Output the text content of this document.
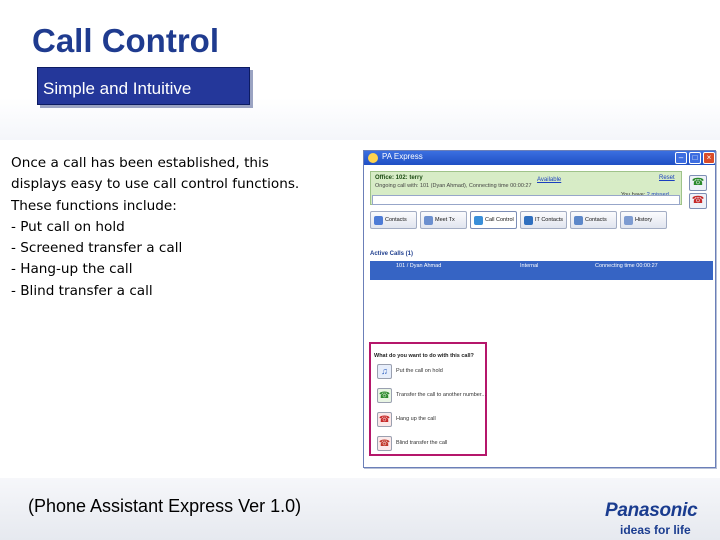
Call Control
Simple and Intuitive
Once a call has been established, this
displays easy to use call control functions.
These functions include:
- Put call on hold
- Screened transfer a call
- Hang-up the call
- Blind transfer a call
PA Express	–	□	×
Office: 102: terry
Ongoing call with: 101 (Dyan Ahmad), Connecting time 00:00:27
Available	Reset ☎
☎
Contacts	Meet Tx	Call Control	IT Contacts	Contacts	History
Active Calls (1)
101 / Dyan Ahmad	Internal	Connecting time 00:00:27
What do you want to do with this call?
♫	Put the call on hold
☎	Transfer the call to another number...
☎	Hang up the call
☎	Blind transfer the call
(Phone Assistant Express Ver 1.0)	Panasonic
ideas for life
